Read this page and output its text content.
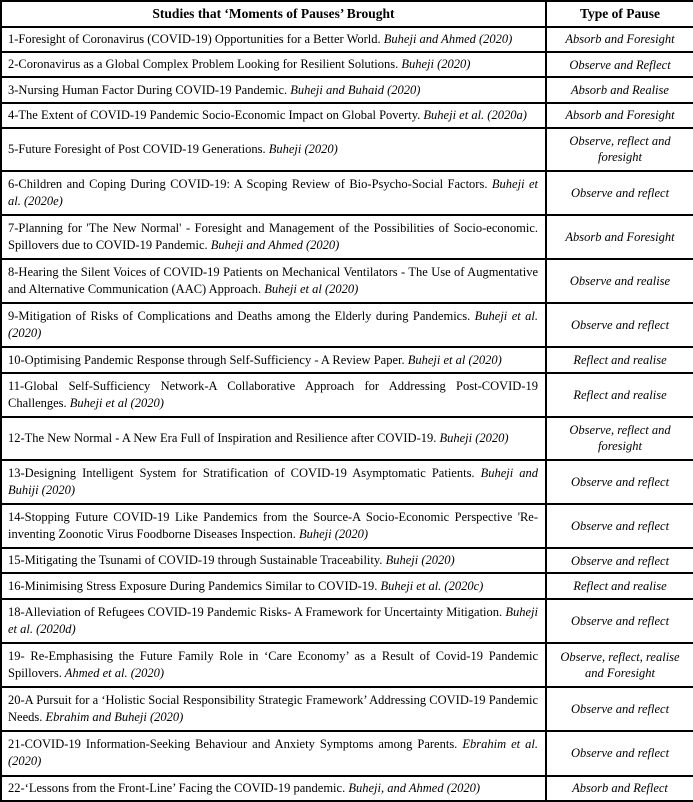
Studies that ‘Moments of Pauses’ Brought	Type of Pause
1-Foresight of Coronavirus (COVID-19) Opportunities for a Better World. Buheji and Ahmed (2020)	Absorb and Foresight
2-Coronavirus as a Global Complex Problem Looking for Resilient Solutions. Buheji (2020)	Observe and Reflect
3-Nursing Human Factor During COVID-19 Pandemic. Buheji and Buhaid (2020)	Absorb and Realise
4-The Extent of COVID-19 Pandemic Socio-Economic Impact on Global Poverty. Buheji et al. (2020a)	Absorb and Foresight
5-Future Foresight of Post COVID-19 Generations. Buheji (2020)	Observe, reflect and foresight
6-Children and Coping During COVID-19: A Scoping Review of Bio-Psycho-Social Factors. Buheji et al. (2020e)	Observe and reflect
7-Planning for 'The New Normal' - Foresight and Management of the Possibilities of Socio-economic. Spillovers due to COVID-19 Pandemic. Buheji and Ahmed (2020)	Absorb and Foresight
8-Hearing the Silent Voices of COVID-19 Patients on Mechanical Ventilators - The Use of Augmentative and Alternative Communication (AAC) Approach. Buheji et al (2020)	Observe and realise
9-Mitigation of Risks of Complications and Deaths among the Elderly during Pandemics. Buheji et al. (2020)	Observe and reflect
10-Optimising Pandemic Response through Self-Sufficiency - A Review Paper. Buheji et al (2020)	Reflect and realise
11-Global Self-Sufficiency Network-A Collaborative Approach for Addressing Post-COVID-19 Challenges. Buheji et al (2020)	Reflect and realise
12-The New Normal - A New Era Full of Inspiration and Resilience after COVID-19. Buheji (2020)	Observe, reflect and foresight
13-Designing Intelligent System for Stratification of COVID-19 Asymptomatic Patients. Buheji and Buhiji (2020)	Observe and reflect
14-Stopping Future COVID-19 Like Pandemics from the Source-A Socio-Economic Perspective 'Re-inventing Zoonotic Virus Foodborne Diseases Inspection. Buheji (2020)	Observe and reflect
15-Mitigating the Tsunami of COVID-19 through Sustainable Traceability. Buheji (2020)	Observe and reflect
16-Minimising Stress Exposure During Pandemics Similar to COVID-19. Buheji et al. (2020c)	Reflect and realise
18-Alleviation of Refugees COVID-19 Pandemic Risks- A Framework for Uncertainty Mitigation. Buheji et al. (2020d)	Observe and reflect
19- Re-Emphasising the Future Family Role in ‘Care Economy’ as a Result of Covid-19 Pandemic Spillovers. Ahmed et al. (2020)	Observe, reflect, realise and Foresight
20-A Pursuit for a ‘Holistic Social Responsibility Strategic Framework’ Addressing COVID-19 Pandemic Needs. Ebrahim and Buheji (2020)	Observe and reflect
21-COVID-19 Information-Seeking Behaviour and Anxiety Symptoms among Parents. Ebrahim et al. (2020)	Observe and reflect
22-‘Lessons from the Front-Line’ Facing the COVID-19 pandemic. Buheji, and Ahmed (2020)	Absorb and Reflect
